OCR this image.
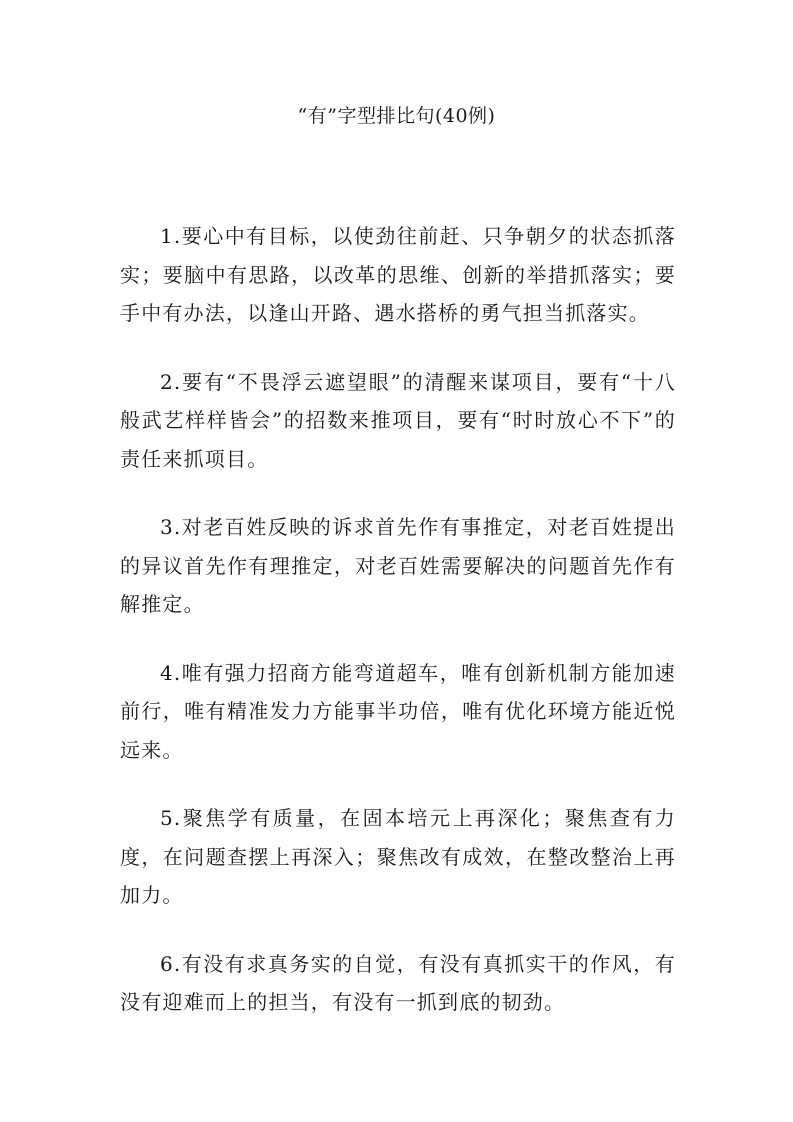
“有”字型排比句(40例)

1.要心中有目标，以使劲往前赶、只争朝夕的状态抓落实；要脑中有思路，以改革的思维、创新的举措抓落实；要手中有办法，以逢山开路、遇水搭桥的勇气担当抓落实。

2.要有“不畏浮云遮望眼”的清醒来谋项目，要有“十八般武艺样样皆会”的招数来推项目，要有“时时放心不下”的责任来抓项目。

3.对老百姓反映的诉求首先作有事推定，对老百姓提出的异议首先作有理推定，对老百姓需要解决的问题首先作有解推定。

4.唯有强力招商方能弯道超车，唯有创新机制方能加速前行，唯有精准发力方能事半功倍，唯有优化环境方能近悦远来。

5.聚焦学有质量，在固本培元上再深化；聚焦查有力度，在问题查摆上再深入；聚焦改有成效，在整改整治上再加力。

6.有没有求真务实的自觉，有没有真抓实干的作风，有没有迎难而上的担当，有没有一抓到底的韧劲。
